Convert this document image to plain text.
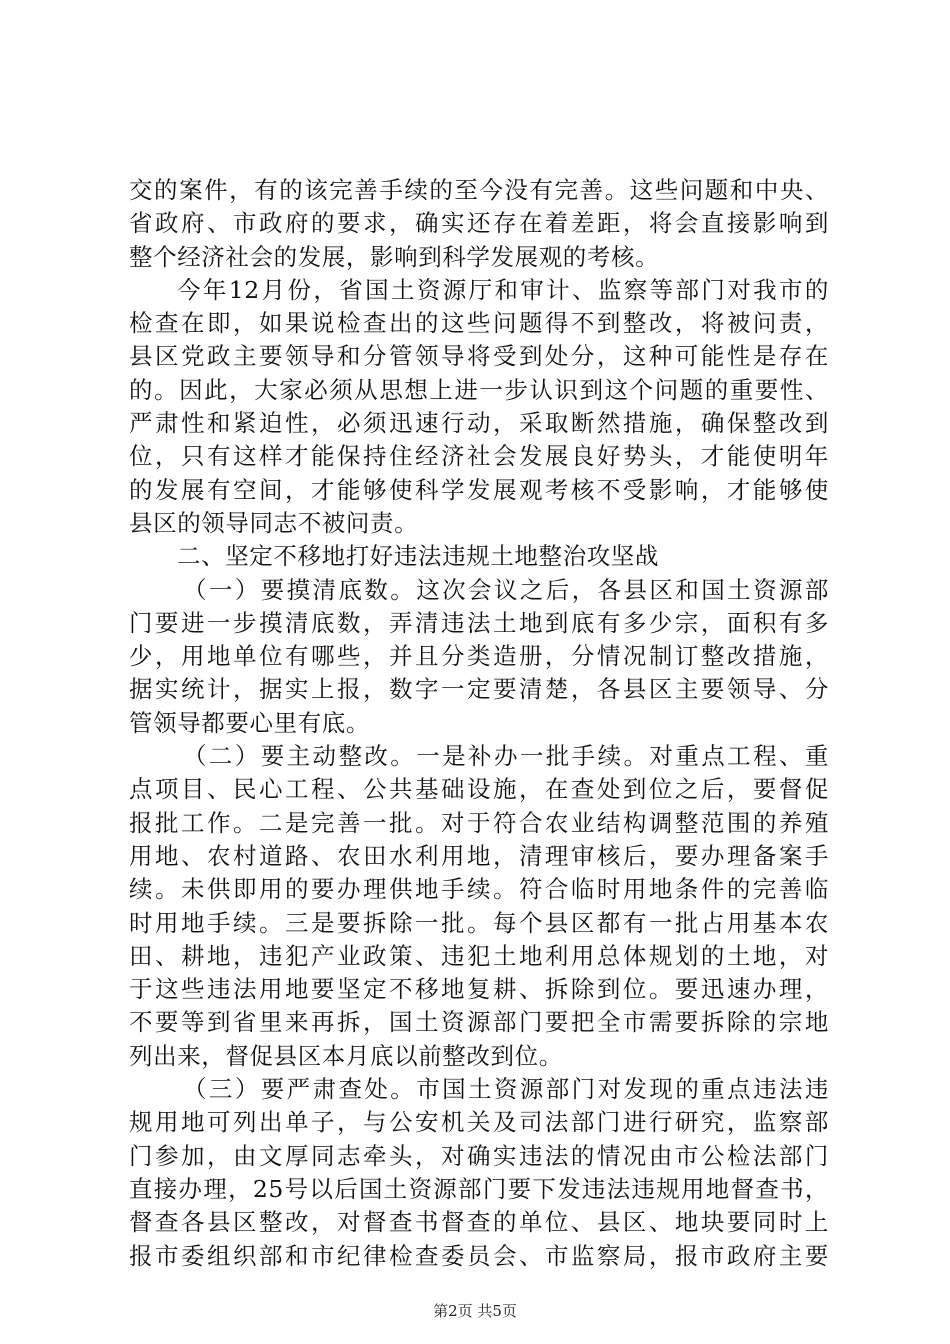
交的案件，有的该完善手续的至今没有完善。这些问题和中央、
省政府、市政府的要求，确实还存在着差距，将会直接影响到
整个经济社会的发展，影响到科学发展观的考核。
今年12月份，省国土资源厅和审计、监察等部门对我市的
检查在即，如果说检查出的这些问题得不到整改，将被问责，
县区党政主要领导和分管领导将受到处分，这种可能性是存在
的。因此，大家必须从思想上进一步认识到这个问题的重要性、
严肃性和紧迫性，必须迅速行动，采取断然措施，确保整改到
位，只有这样才能保持住经济社会发展良好势头，才能使明年
的发展有空间，才能够使科学发展观考核不受影响，才能够使
县区的领导同志不被问责。
二、坚定不移地打好违法违规土地整治攻坚战
（一）要摸清底数。这次会议之后，各县区和国土资源部
门要进一步摸清底数，弄清违法土地到底有多少宗，面积有多
少，用地单位有哪些，并且分类造册，分情况制订整改措施，
据实统计，据实上报，数字一定要清楚，各县区主要领导、分
管领导都要心里有底。
（二）要主动整改。一是补办一批手续。对重点工程、重
点项目、民心工程、公共基础设施，在查处到位之后，要督促
报批工作。二是完善一批。对于符合农业结构调整范围的养殖
用地、农村道路、农田水利用地，清理审核后，要办理备案手
续。未供即用的要办理供地手续。符合临时用地条件的完善临
时用地手续。三是要拆除一批。每个县区都有一批占用基本农
田、耕地，违犯产业政策、违犯土地利用总体规划的土地，对
于这些违法用地要坚定不移地复耕、拆除到位。要迅速办理，
不要等到省里来再拆，国土资源部门要把全市需要拆除的宗地
列出来，督促县区本月底以前整改到位。
（三）要严肃查处。市国土资源部门对发现的重点违法违
规用地可列出单子，与公安机关及司法部门进行研究，监察部
门参加，由文厚同志牵头，对确实违法的情况由市公检法部门
直接办理，25号以后国土资源部门要下发违法违规用地督查书，
督查各县区整改，对督查书督查的单位、县区、地块要同时上
报市委组织部和市纪律检查委员会、市监察局，报市政府主要
第2页 共5页
